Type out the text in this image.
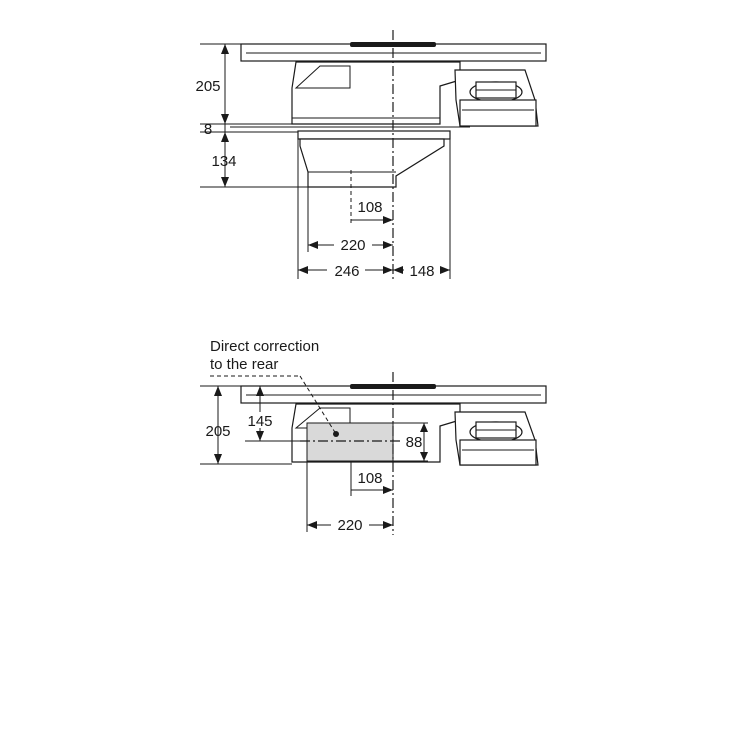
205
8
134
108
220
246	148
Direct correction
to the rear
205
145
88
108
220
